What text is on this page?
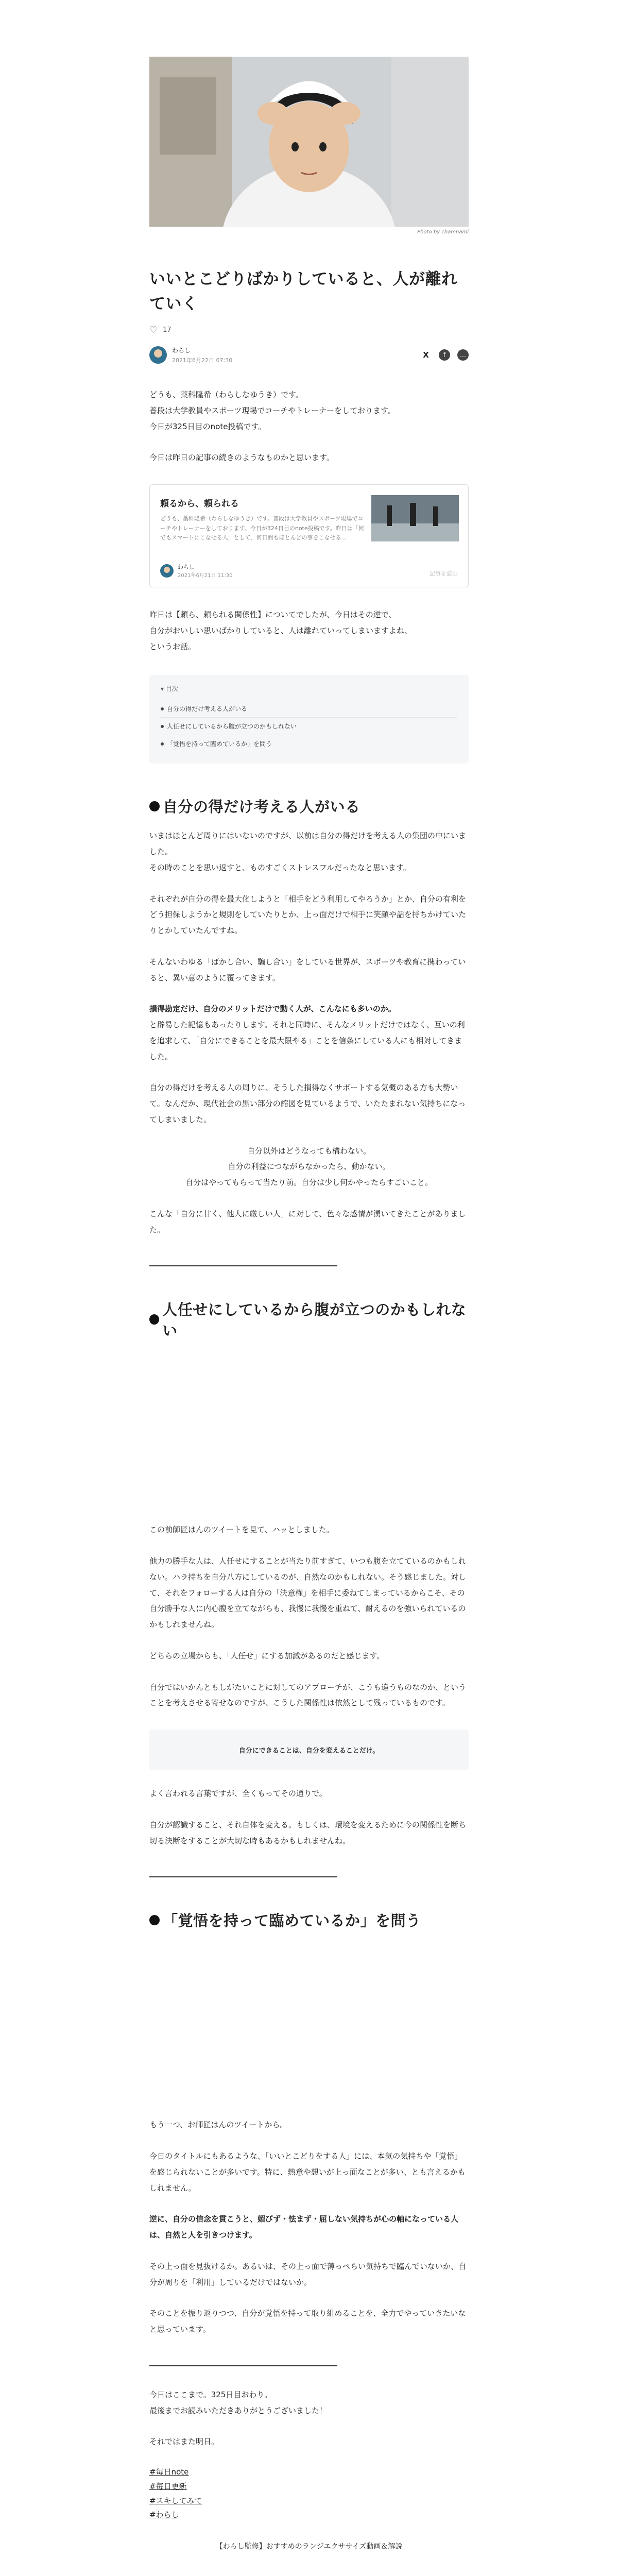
Photo by chamnami
いいとこどりばかりしていると、人が離れていく
♡ 17
わらし
2021年6月22日 07:30
X	f	…
どうも、薬科隆希（わらしなゆうき）です。
普段は大学教員やスポーツ現場でコーチやトレーナーをしております。
今日が325日目のnote投稿です。
今日は昨日の記事の続きのようなものかと思います。
頼るから、頼られる
どうも、藁科隆希（わらしなゆうき）です。普段は大学教員やスポーツ現場でコーチやトレーナーをしております。今日が324日目のnote投稿です。昨日は「何でもスマートにこなせる人」として、何日間もほとんどの事をこなせる…
わらし
2021年6月21日 11:30	記事を読む
昨日は【頼ら、頼られる関係性】についてでしたが、今日はその逆で、
自分がおいしい思いばかりしていると、人は離れていってしまいますよね、
というお話。
▾ 目次
自分の得だけ考える人がいる
人任せにしているから腹が立つのかもしれない
「覚悟を持って臨めているか」を問う
自分の得だけ考える人がいる
いまはほとんど周りにはいないのですが、以前は自分の得だけを考える人の集団の中にいました。
その時のことを思い返すと、ものすごくストレスフルだったなと思います。
それぞれが自分の得を最大化しようと「相手をどう利用してやろうか」とか、自分の有利をどう担保しようかと規則をしていたりとか、上っ面だけで相手に笑顔や話を持ちかけていたりとかしていたんですね。
そんないわゆる「ばかし合い、騙し合い」をしている世界が、スポーツや教育に携わっていると、異い意のように覆ってきます。
損得勘定だけ、自分のメリットだけで動く人が、こんなにも多いのか。
と辟易した記憶もあったりします。それと同時に、そんなメリットだけではなく、互いの利を追求して、「自分にできることを最大限やる」ことを信条にしている人にも相対してきました。
自分の得だけを考える人の周りに、そうした損得なくサポートする気概のある方も大勢いて。なんだか、現代社会の黒い部分の縮図を見ているようで、いたたまれない気持ちになってしまいました。
自分以外はどうなっても構わない。
自分の利益につながらなかったら、動かない。
自分はやってもらって当たり前。自分は少し何かやったらすごいこと。
こんな「自分に甘く、他人に厳しい人」に対して、色々な感情が湧いてきたことがありました。
人任せにしているから腹が立つのかもしれない
この前師匠はんのツイートを見て、ハッとしました。
他力の勝手な人は、人任せにすることが当たり前すぎて、いつも腹を立てているのかもしれない。ハラ持ちを自分八方にしているのが、自然なのかもしれない。そう感じました。対して、それをフォローする人は自分の「決意権」を相手に委ねてしまっているからこそ、その自分勝手な人に内心腹を立てながらも、我慢に我慢を重ねて、耐えるのを強いられているのかもしれませんね。
どちらの立場からも、「人任せ」にする加減があるのだと感じます。
自分ではいかんともしがたいことに対してのアプローチが、こうも違うものなのか、ということを考えさせる寄せなのですが、こうした関係性は依然として残っているものです。
自分にできることは、自分を変えることだけ。
よく言われる言葉ですが、全くもってその通りで。
自分が認識すること、それ自体を変える。もしくは、環境を変えるために今の関係性を断ち切る決断をすることが大切な時もあるかもしれませんね。
「覚悟を持って臨めているか」を問う
もう一つ、お師匠はんのツイートから。
今日のタイトルにもあるような、「いいとこどりをする人」には、本気の気持ちや「覚悟」を感じられないことが多いです。特に、熱意や想いが上っ面なことが多い、とも言えるかもしれません。
逆に、自分の信念を貫こうと、媚びず・怯まず・屈しない気持ちが心の軸になっている人は、自然と人を引きつけます。
その上っ面を見抜けるか。あるいは、その上っ面で薄っぺらい気持ちで臨んでいないか、自分が周りを「利用」しているだけではないか。
そのことを振り返りつつ、自分が覚悟を持って取り組めることを、全力でやっていきたいなと思っています。
今日はここまで。325日目おわり。
最後までお読みいただきありがとうございました！
それではまた明日。
#毎日note
#毎日更新
#スキしてみて
#わらし
【わらし監修】おすすめのランジエクササイズ動画＆解説
